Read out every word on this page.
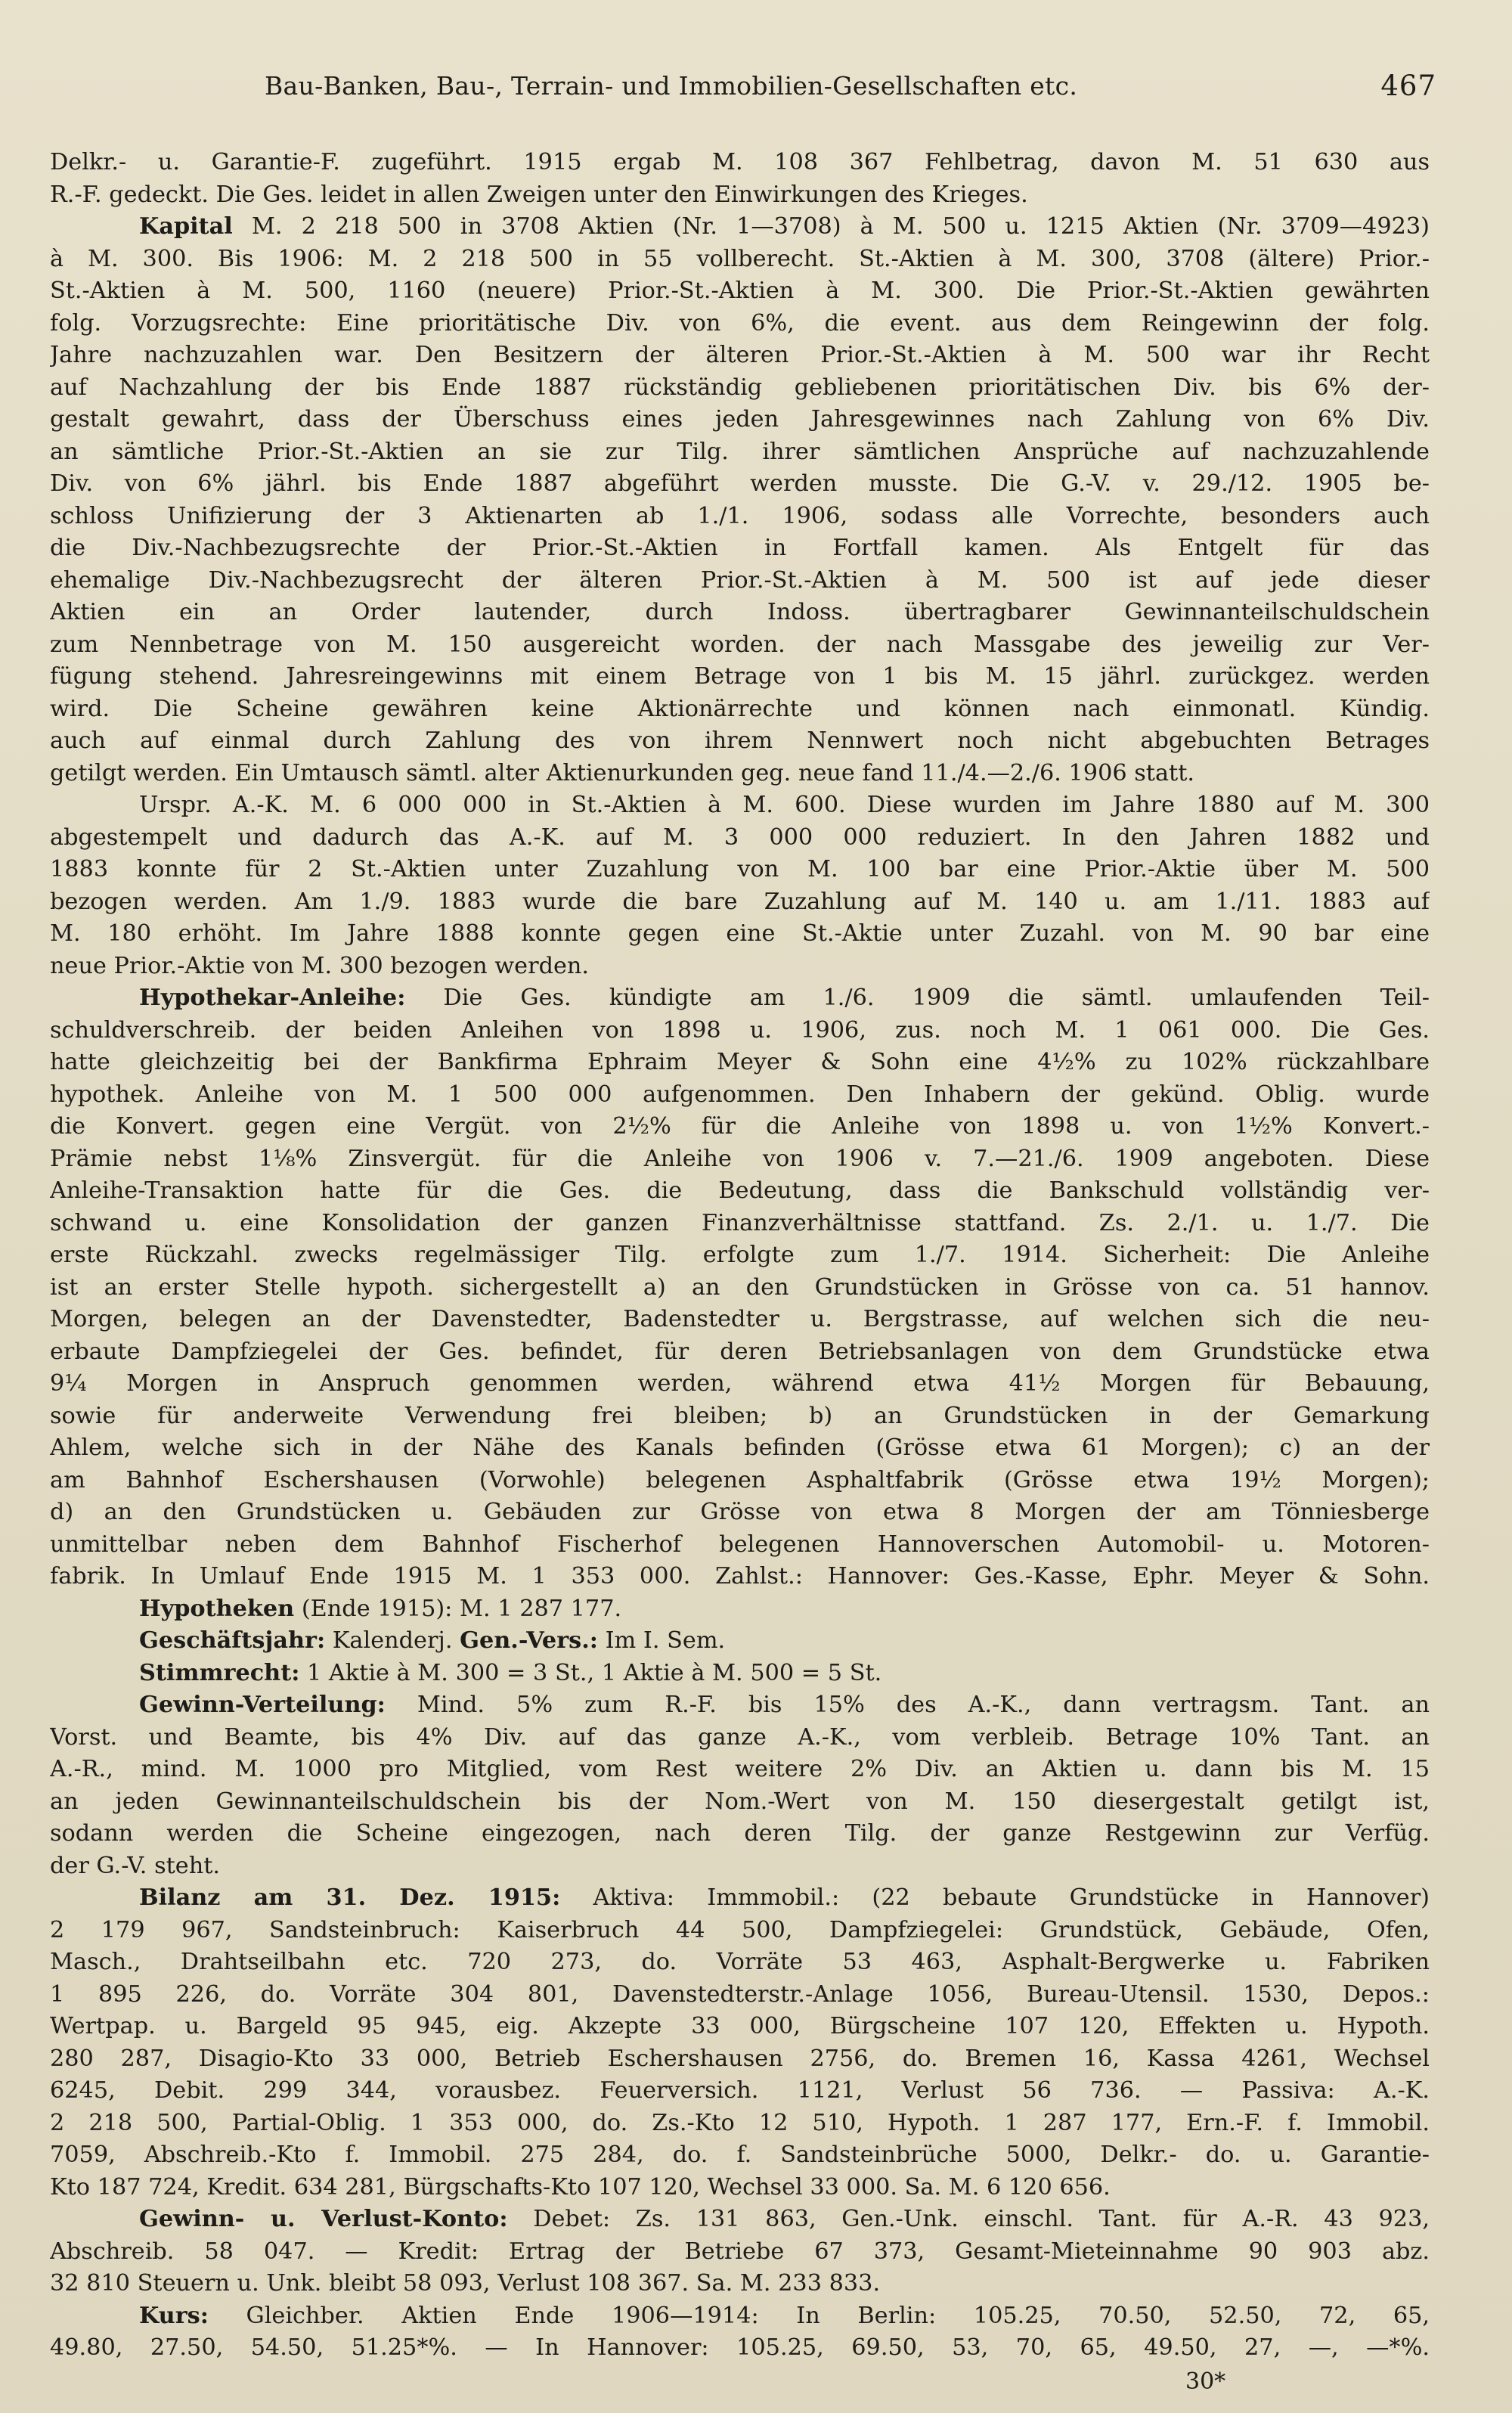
Bau-Banken, Bau-, Terrain- und Immobilien-Gesellschaften etc.	467
Delkr.- u. Garantie-F. zugeführt. 1915 ergab M. 108 367 Fehlbetrag, davon M. 51 630 aus
R.-F. gedeckt. Die Ges. leidet in allen Zweigen unter den Einwirkungen des Krieges.
Kapital M. 2 218 500 in 3708 Aktien (Nr. 1—3708) à M. 500 u. 1215 Aktien (Nr. 3709—4923)
à M. 300. Bis 1906: M. 2 218 500 in 55 vollberecht. St.-Aktien à M. 300, 3708 (ältere) Prior.-
St.-Aktien à M. 500, 1160 (neuere) Prior.-St.-Aktien à M. 300. Die Prior.-St.-Aktien gewährten
folg. Vorzugsrechte: Eine prioritätische Div. von 6%, die event. aus dem Reingewinn der folg.
Jahre nachzuzahlen war. Den Besitzern der älteren Prior.-St.-Aktien à M. 500 war ihr Recht
auf Nachzahlung der bis Ende 1887 rückständig gebliebenen prioritätischen Div. bis 6% der-
gestalt gewahrt, dass der Überschuss eines jeden Jahresgewinnes nach Zahlung von 6% Div.
an sämtliche Prior.-St.-Aktien an sie zur Tilg. ihrer sämtlichen Ansprüche auf nachzuzahlende
Div. von 6% jährl. bis Ende 1887 abgeführt werden musste. Die G.-V. v. 29./12. 1905 be-
schloss Unifizierung der 3 Aktienarten ab 1./1. 1906, sodass alle Vorrechte, besonders auch
die Div.-Nachbezugsrechte der Prior.-St.-Aktien in Fortfall kamen. Als Entgelt für das
ehemalige Div.-Nachbezugsrecht der älteren Prior.-St.-Aktien à M. 500 ist auf jede dieser
Aktien ein an Order lautender, durch Indoss. übertragbarer Gewinnanteilschuldschein
zum Nennbetrage von M. 150 ausgereicht worden. der nach Massgabe des jeweilig zur Ver-
fügung stehend. Jahresreingewinns mit einem Betrage von 1 bis M. 15 jährl. zurückgez. werden
wird. Die Scheine gewähren keine Aktionärrechte und können nach einmonatl. Kündig.
auch auf einmal durch Zahlung des von ihrem Nennwert noch nicht abgebuchten Betrages
getilgt werden. Ein Umtausch sämtl. alter Aktienurkunden geg. neue fand 11./4.—2./6. 1906 statt.
Urspr. A.-K. M. 6 000 000 in St.-Aktien à M. 600. Diese wurden im Jahre 1880 auf M. 300
abgestempelt und dadurch das A.-K. auf M. 3 000 000 reduziert. In den Jahren 1882 und
1883 konnte für 2 St.-Aktien unter Zuzahlung von M. 100 bar eine Prior.-Aktie über M. 500
bezogen werden. Am 1./9. 1883 wurde die bare Zuzahlung auf M. 140 u. am 1./11. 1883 auf
M. 180 erhöht. Im Jahre 1888 konnte gegen eine St.-Aktie unter Zuzahl. von M. 90 bar eine
neue Prior.-Aktie von M. 300 bezogen werden.
Hypothekar-Anleihe: Die Ges. kündigte am 1./6. 1909 die sämtl. umlaufenden Teil-
schuldverschreib. der beiden Anleihen von 1898 u. 1906, zus. noch M. 1 061 000. Die Ges.
hatte gleichzeitig bei der Bankfirma Ephraim Meyer & Sohn eine 4½% zu 102% rückzahlbare
hypothek. Anleihe von M. 1 500 000 aufgenommen. Den Inhabern der gekünd. Oblig. wurde
die Konvert. gegen eine Vergüt. von 2½% für die Anleihe von 1898 u. von 1½% Konvert.-
Prämie nebst 1⅛% Zinsvergüt. für die Anleihe von 1906 v. 7.—21./6. 1909 angeboten. Diese
Anleihe-Transaktion hatte für die Ges. die Bedeutung, dass die Bankschuld vollständig ver-
schwand u. eine Konsolidation der ganzen Finanzverhältnisse stattfand. Zs. 2./1. u. 1./7. Die
erste Rückzahl. zwecks regelmässiger Tilg. erfolgte zum 1./7. 1914. Sicherheit: Die Anleihe
ist an erster Stelle hypoth. sichergestellt a) an den Grundstücken in Grösse von ca. 51 hannov.
Morgen, belegen an der Davenstedter, Badenstedter u. Bergstrasse, auf welchen sich die neu-
erbaute Dampfziegelei der Ges. befindet, für deren Betriebsanlagen von dem Grundstücke etwa
9¼ Morgen in Anspruch genommen werden, während etwa 41½ Morgen für Bebauung,
sowie für anderweite Verwendung frei bleiben; b) an Grundstücken in der Gemarkung
Ahlem, welche sich in der Nähe des Kanals befinden (Grösse etwa 61 Morgen); c) an der
am Bahnhof Eschershausen (Vorwohle) belegenen Asphaltfabrik (Grösse etwa 19½ Morgen);
d) an den Grundstücken u. Gebäuden zur Grösse von etwa 8 Morgen der am Tönniesberge
unmittelbar neben dem Bahnhof Fischerhof belegenen Hannoverschen Automobil- u. Motoren-
fabrik. In Umlauf Ende 1915 M. 1 353 000. Zahlst.: Hannover: Ges.-Kasse, Ephr. Meyer & Sohn.
Hypotheken (Ende 1915): M. 1 287 177.
Geschäftsjahr: Kalenderj. Gen.-Vers.: Im I. Sem.
Stimmrecht: 1 Aktie à M. 300 = 3 St., 1 Aktie à M. 500 = 5 St.
Gewinn-Verteilung: Mind. 5% zum R.-F. bis 15% des A.-K., dann vertragsm. Tant. an
Vorst. und Beamte, bis 4% Div. auf das ganze A.-K., vom verbleib. Betrage 10% Tant. an
A.-R., mind. M. 1000 pro Mitglied, vom Rest weitere 2% Div. an Aktien u. dann bis M. 15
an jeden Gewinnanteilschuldschein bis der Nom.-Wert von M. 150 diesergestalt getilgt ist,
sodann werden die Scheine eingezogen, nach deren Tilg. der ganze Restgewinn zur Verfüg.
der G.-V. steht.
Bilanz am 31. Dez. 1915: Aktiva: Immmobil.: (22 bebaute Grundstücke in Hannover)
2 179 967, Sandsteinbruch: Kaiserbruch 44 500, Dampfziegelei: Grundstück, Gebäude, Ofen,
Masch., Drahtseilbahn etc. 720 273, do. Vorräte 53 463, Asphalt-Bergwerke u. Fabriken
1 895 226, do. Vorräte 304 801, Davenstedterstr.-Anlage 1056, Bureau-Utensil. 1530, Depos.:
Wertpap. u. Bargeld 95 945, eig. Akzepte 33 000, Bürgscheine 107 120, Effekten u. Hypoth.
280 287, Disagio-Kto 33 000, Betrieb Eschershausen 2756, do. Bremen 16, Kassa 4261, Wechsel
6245, Debit. 299 344, vorausbez. Feuerversich. 1121, Verlust 56 736. — Passiva: A.-K.
2 218 500, Partial-Oblig. 1 353 000, do. Zs.-Kto 12 510, Hypoth. 1 287 177, Ern.-F. f. Immobil.
7059, Abschreib.-Kto f. Immobil. 275 284, do. f. Sandsteinbrüche 5000, Delkr.- do. u. Garantie-
Kto 187 724, Kredit. 634 281, Bürgschafts-Kto 107 120, Wechsel 33 000. Sa. M. 6 120 656.
Gewinn- u. Verlust-Konto: Debet: Zs. 131 863, Gen.-Unk. einschl. Tant. für A.-R. 43 923,
Abschreib. 58 047. — Kredit: Ertrag der Betriebe 67 373, Gesamt-Mieteinnahme 90 903 abz.
32 810 Steuern u. Unk. bleibt 58 093, Verlust 108 367. Sa. M. 233 833.
Kurs: Gleichber. Aktien Ende 1906—1914: In Berlin: 105.25, 70.50, 52.50, 72, 65,
49.80, 27.50, 54.50, 51.25*%. — In Hannover: 105.25, 69.50, 53, 70, 65, 49.50, 27, —, —*%.
30*
